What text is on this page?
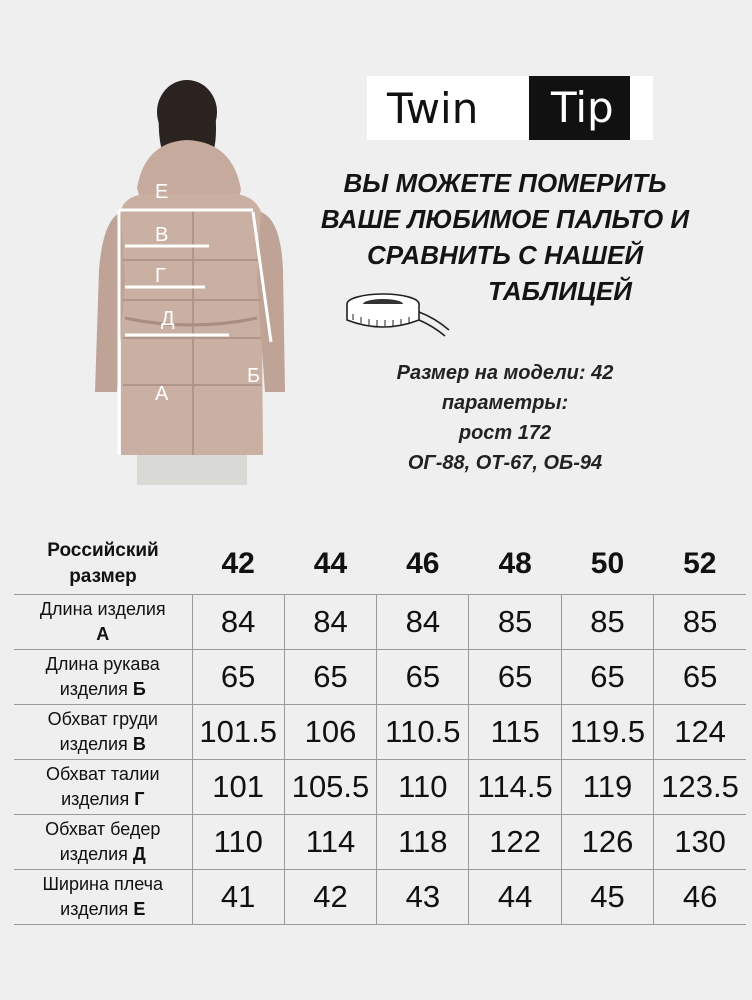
Е
В
Г
Д
А
Б
Twin	Tip
ВЫ МОЖЕТЕ ПОМЕРИТЬ
ВАШЕ ЛЮБИМОЕ ПАЛЬТО И
СРАВНИТЬ С НАШЕЙ
ТАБЛИЦЕЙ
Размер на модели: 42
параметры:
рост 172
ОГ-88, ОТ-67, ОБ-94
Российский
размер	42	44	46	48	50	52

Длина изделия
А	84	84	84	85	85	85

Длина рукава
изделия Б	65	65	65	65	65	65

Обхват груди
изделия В	101.5	106	110.5	115	119.5	124

Обхват талии
изделия Г	101	105.5	110	114.5	119	123.5

Обхват бедер
изделия Д	110	114	118	122	126	130

Ширина плеча
изделия Е	41	42	43	44	45	46
